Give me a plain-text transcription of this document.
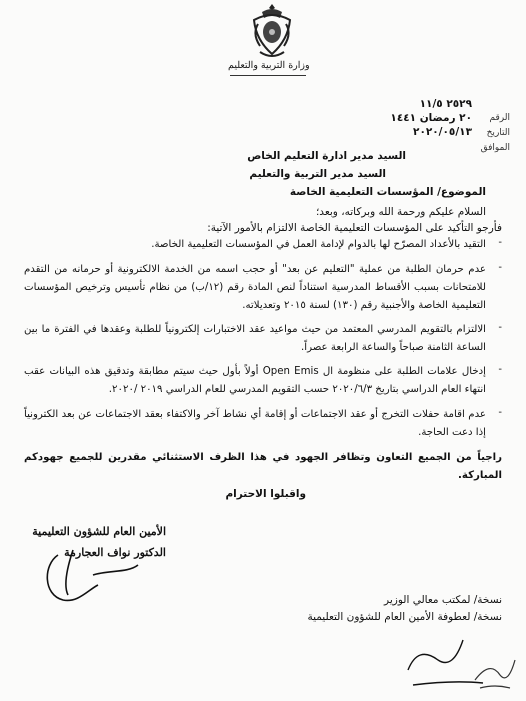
وزارة التربية والتعليم
الرقم
٢٥٢٩ ١١/٥
٢٠ رمضان ١٤٤١
التاريخ
٢٠٢٠/٠٥/١٣
الموافق
السيد مدير ادارة التعليم الخاص
السيد مدير التربية والتعليم
الموضوع/ المؤسسات التعليمية الخاصة
السلام عليكم ورحمة الله وبركاته، وبعد؛
فأرجو التأكيد على المؤسسات التعليمية الخاصة الالتزام بالأمور الآتية:
-
التقيد بالأعداد المصرّح لها بالدوام لإدامة العمل في المؤسسات التعليمية الخاصة.
-
عدم حرمان الطلبة من عملية "التعليم عن بعد" أو حجب اسمه من الخدمة الالكترونية أو حرمانه من التقدم للامتحانات بسبب الأقساط المدرسية استناداً لنص المادة رقم (١٢/ب) من نظام تأسيس وترخيص المؤسسات التعليمية الخاصة والأجنبية رقم (١٣٠) لسنة ٢٠١٥ وتعديلاته.
-
الالتزام بالتقويم المدرسي المعتمد من حيث مواعيد عقد الاختبارات إلكترونياً للطلبة وعقدها في الفترة ما بين الساعة الثامنة صباحاً والساعة الرابعة عصراً.
-
إدخال علامات الطلبة على منظومة ال Open Emis أولاً بأول حيث سيتم مطابقة وتدقيق هذه البيانات عقب انتهاء العام الدراسي بتاريخ ٢٠٢٠/٦/٣ حسب التقويم المدرسي للعام الدراسي ٢٠١٩ /٢٠٢٠.
-
عدم اقامة حفلات التخرج أو عقد الاجتماعات أو إقامة أي نشاط آخر والاكتفاء بعقد الاجتماعات عن بعد الكترونياً إذا دعت الحاجة.
راجياً من الجميع التعاون وتظافر الجهود في هذا الظرف الاستثنائي مقدرين للجميع جهودكم المباركة.
واقبلوا الاحترام
الأمين العام للشؤون التعليمية
الدكتور نواف العجارمة
نسخة/ لمكتب معالي الوزير
نسخة/ لعطوفة الأمين العام للشؤون التعليمية
